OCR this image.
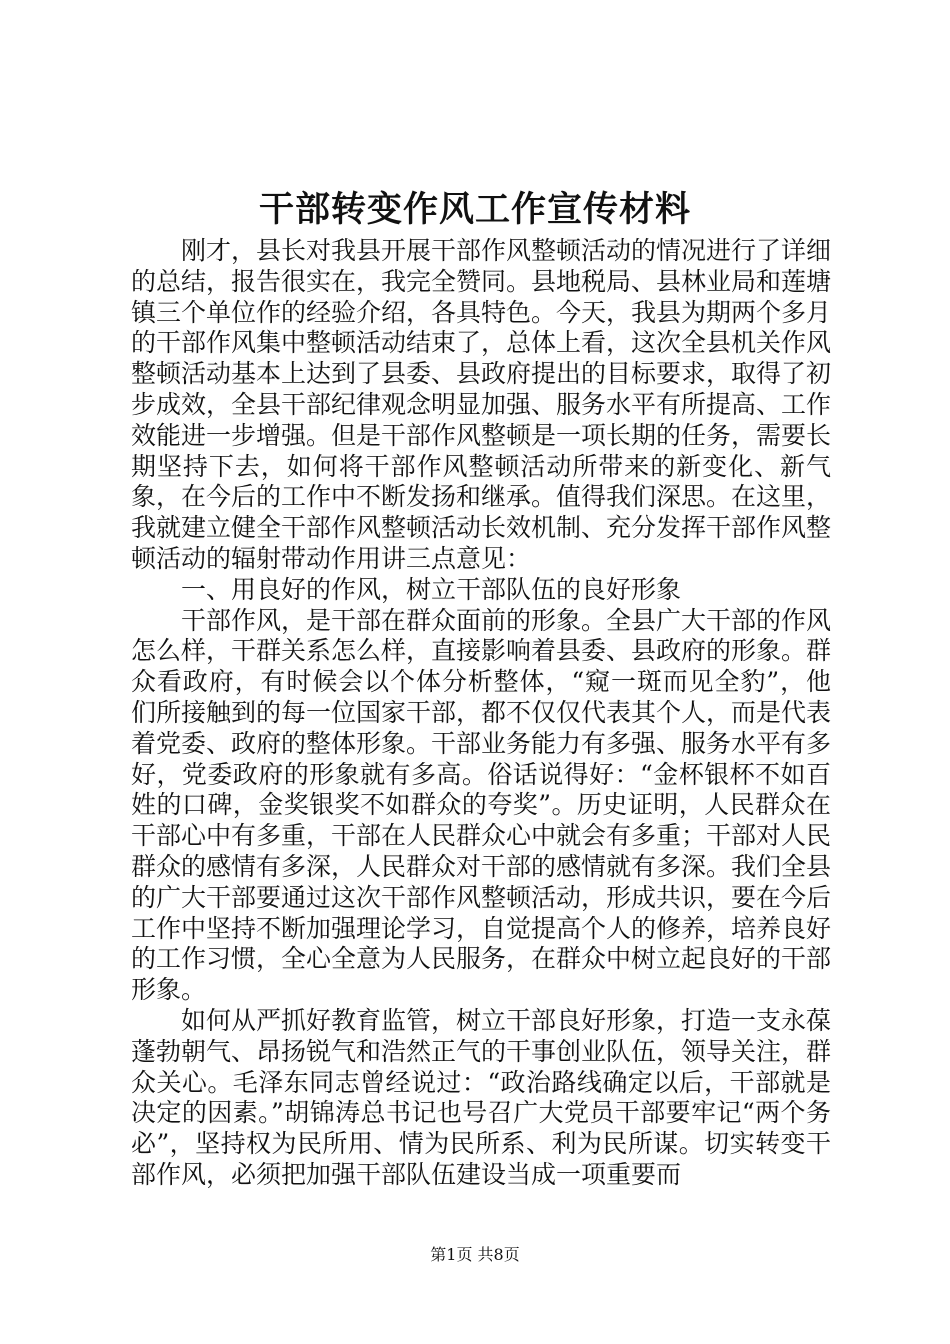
干部转变作风工作宣传材料

刚才，县长对我县开展干部作风整顿活动的情况进行了详细的总结，报告很实在，我完全赞同。县地税局、县林业局和莲塘镇三个单位作的经验介绍，各具特色。今天，我县为期两个多月的干部作风集中整顿活动结束了，总体上看，这次全县机关作风整顿活动基本上达到了县委、县政府提出的目标要求，取得了初步成效，全县干部纪律观念明显加强、服务水平有所提高、工作效能进一步增强。但是干部作风整顿是一项长期的任务，需要长期坚持下去，如何将干部作风整顿活动所带来的新变化、新气象，在今后的工作中不断发扬和继承。值得我们深思。在这里，我就建立健全干部作风整顿活动长效机制、充分发挥干部作风整顿活动的辐射带动作用讲三点意见：

一、用良好的作风，树立干部队伍的良好形象

干部作风，是干部在群众面前的形象。全县广大干部的作风怎么样，干群关系怎么样，直接影响着县委、县政府的形象。群众看政府，有时候会以个体分析整体，“窥一斑而见全豹”，他们所接触到的每一位国家干部，都不仅仅代表其个人，而是代表着党委、政府的整体形象。干部业务能力有多强、服务水平有多好，党委政府的形象就有多高。俗话说得好：“金杯银杯不如百姓的口碑，金奖银奖不如群众的夸奖”。历史证明，人民群众在干部心中有多重，干部在人民群众心中就会有多重；干部对人民群众的感情有多深，人民群众对干部的感情就有多深。我们全县的广大干部要通过这次干部作风整顿活动，形成共识，要在今后工作中坚持不断加强理论学习，自觉提高个人的修养，培养良好的工作习惯，全心全意为人民服务，在群众中树立起良好的干部形象。

如何从严抓好教育监管，树立干部良好形象，打造一支永葆蓬勃朝气、昂扬锐气和浩然正气的干事创业队伍，领导关注，群众关心。毛泽东同志曾经说过：“政治路线确定以后，干部就是决定的因素。”胡锦涛总书记也号召广大党员干部要牢记“两个务必”，坚持权为民所用、情为民所系、利为民所谋。切实转变干部作风，必须把加强干部队伍建设当成一项重要而

第1页 共8页
